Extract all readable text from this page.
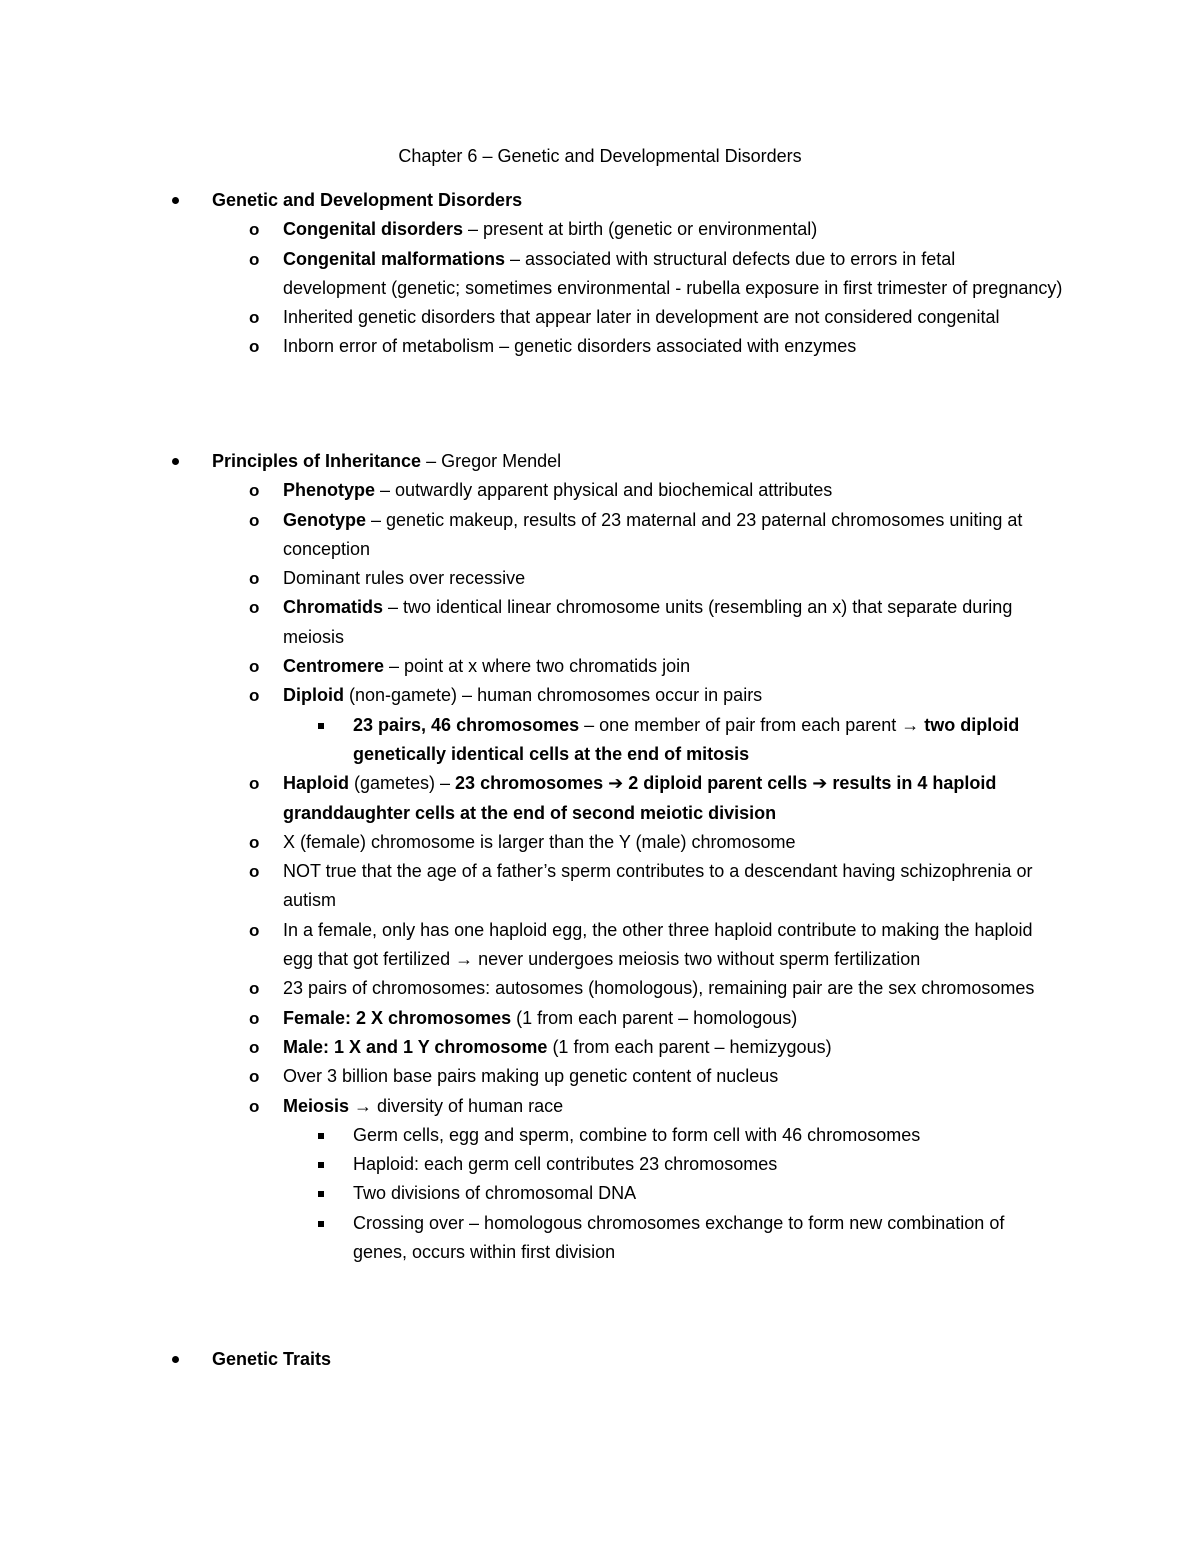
Chapter 6 – Genetic and Developmental Disorders
Genetic and Development Disorders
o Congenital disorders – present at birth (genetic or environmental)
o Congenital malformations – associated with structural defects due to errors in fetal development (genetic; sometimes environmental - rubella exposure in first trimester of pregnancy)
o Inherited genetic disorders that appear later in development are not considered congenital
o Inborn error of metabolism – genetic disorders associated with enzymes
Principles of Inheritance – Gregor Mendel
o Phenotype – outwardly apparent physical and biochemical attributes
o Genotype – genetic makeup, results of 23 maternal and 23 paternal chromosomes uniting at conception
o Dominant rules over recessive
o Chromatids – two identical linear chromosome units (resembling an x) that separate during meiosis
o Centromere – point at x where two chromatids join
o Diploid (non-gamete) – human chromosomes occur in pairs
23 pairs, 46 chromosomes – one member of pair from each parent → two diploid genetically identical cells at the end of mitosis
o Haploid (gametes) – 23 chromosomes ➔ 2 diploid parent cells ➔ results in 4 haploid granddaughter cells at the end of second meiotic division
o X (female) chromosome is larger than the Y (male) chromosome
o NOT true that the age of a father’s sperm contributes to a descendant having schizophrenia or autism
o In a female, only has one haploid egg, the other three haploid contribute to making the haploid egg that got fertilized → never undergoes meiosis two without sperm fertilization
o 23 pairs of chromosomes: autosomes (homologous), remaining pair are the sex chromosomes
o Female: 2 X chromosomes (1 from each parent – homologous)
o Male: 1 X and 1 Y chromosome (1 from each parent – hemizygous)
o Over 3 billion base pairs making up genetic content of nucleus
o Meiosis → diversity of human race
Germ cells, egg and sperm, combine to form cell with 46 chromosomes
Haploid: each germ cell contributes 23 chromosomes
Two divisions of chromosomal DNA
Crossing over – homologous chromosomes exchange to form new combination of genes, occurs within first division
Genetic Traits
